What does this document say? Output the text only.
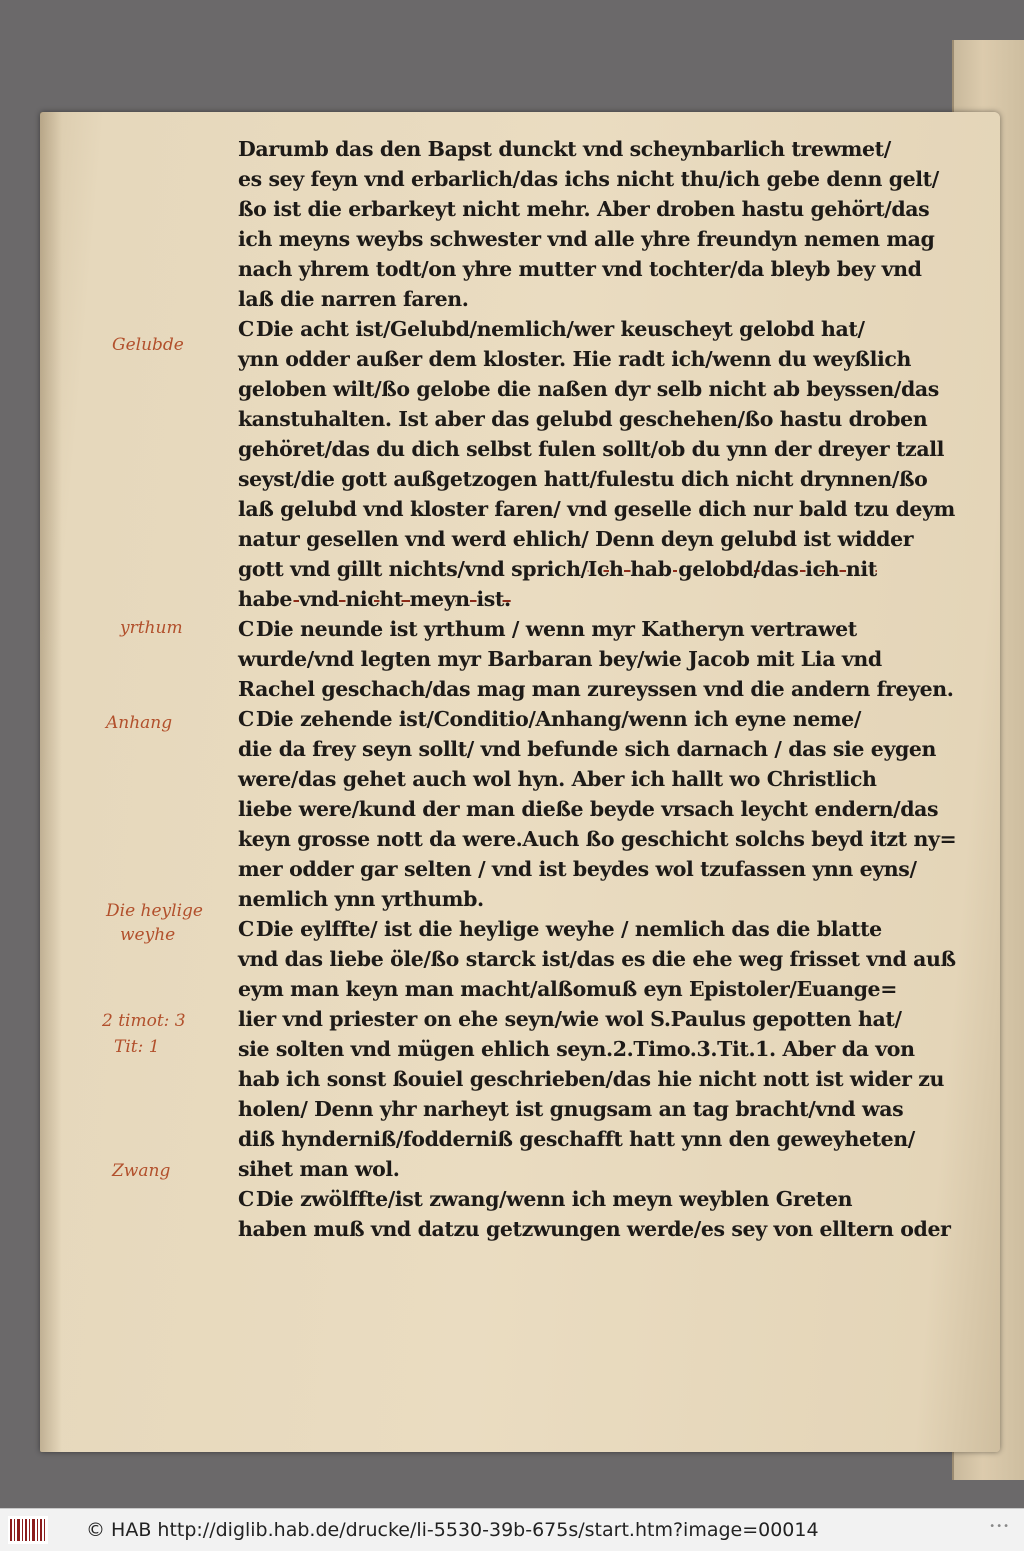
Darumb das den Bapst dunckt vnd scheynbarlich trewmet/
es sey feyn vnd erbarlich/das ichs nicht thu/ich gebe denn gelt/
ßo ist die erbarkeyt nicht mehr. Aber droben hastu gehört/das
ich meyns weybs schwester vnd alle yhre freundyn nemen mag
nach yhrem todt/on yhre mutter vnd tochter/da bleyb bey vnd
laß die narren faren.
CDie acht ist/Gelubd/nemlich/wer keuscheyt gelobd hat/
ynn odder außer dem kloster. Hie radt ich/wenn du weyßlich
geloben wilt/ßo gelobe die naßen dyr selb nicht ab beyssen/das
kanstuhalten. Ist aber das gelubd geschehen/ßo hastu droben
gehöret/das du dich selbst fulen sollt/ob du ynn der dreyer tzall
seyst/die gott außgetzogen hatt/fulestu dich nicht drynnen/ßo
laß gelubd vnd kloster faren/ vnd geselle dich nur bald tzu deym
natur gesellen vnd werd ehlich/ Denn deyn gelubd ist widder
gott vnd gillt nichts/vnd sprich/Ich hab gelobd/das ich nit
habe vnd nicht meyn ist.
CDie neunde ist yrthum / wenn myr Katheryn vertrawet
wurde/vnd legten myr Barbaran bey/wie Jacob mit Lia vnd
Rachel geschach/das mag man zureyssen vnd die andern freyen.
CDie zehende ist/Conditio/Anhang/wenn ich eyne neme/
die da frey seyn sollt/ vnd befunde sich darnach / das sie eygen
were/das gehet auch wol hyn. Aber ich hallt wo Christlich
liebe were/kund der man dieße beyde vrsach leycht endern/das
keyn grosse nott da were.Auch ßo geschicht solchs beyd itzt ny=
mer odder gar selten / vnd ist beydes wol tzufassen ynn eyns/
nemlich ynn yrthumb.
CDie eylffte/ ist die heylige weyhe / nemlich das die blatte
vnd das liebe öle/ßo starck ist/das es die ehe weg frisset vnd auß
eym man keyn man macht/alßomuß eyn Epistoler/Euange=
lier vnd priester on ehe seyn/wie wol S.Paulus gepotten hat/
sie solten vnd mügen ehlich seyn.2.Timo.3.Tit.1. Aber da von
hab ich sonst ßouiel geschrieben/das hie nicht nott ist wider zu
holen/ Denn yhr narheyt ist gnugsam an tag bracht/vnd was
diß hynderniß/fodderniß geschafft hatt ynn den geweyheten/
sihet man wol.
CDie zwölffte/ist zwang/wenn ich meyn weyblen Greten
haben muß vnd datzu getzwungen werde/es sey von elltern oder
Gelubde
yrthum
Anhang
Die heylige
weyhe
2 timot: 3
Tit: 1
Zwang
© HAB http://diglib.hab.de/drucke/li-5530-39b-675s/start.htm?image=00014	•••
